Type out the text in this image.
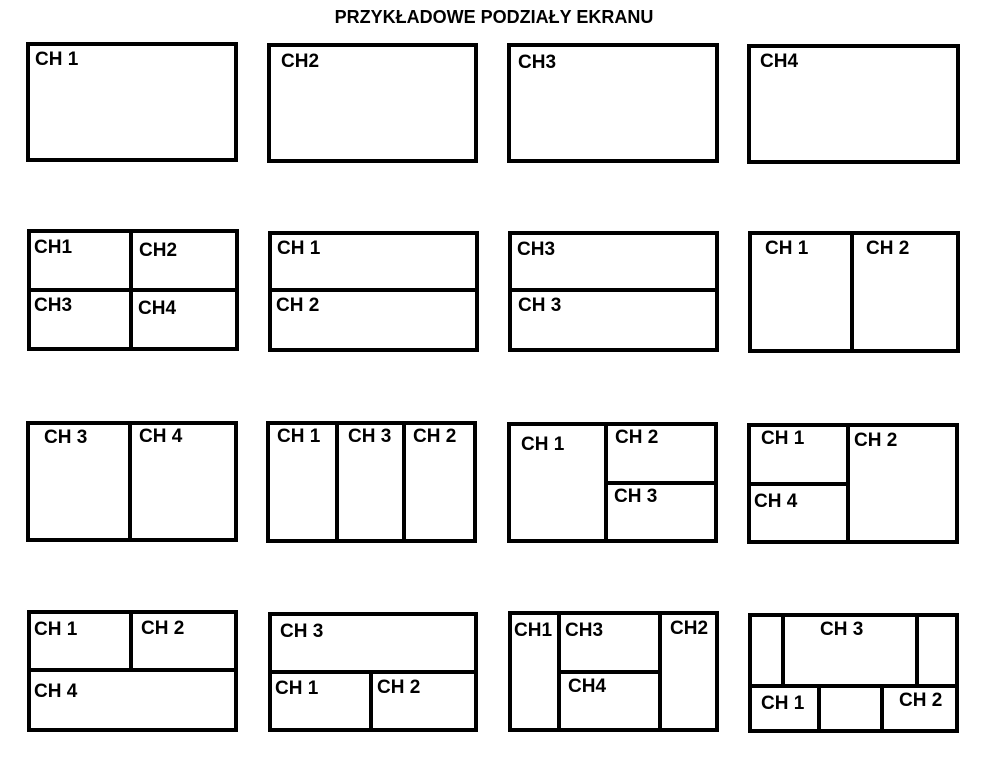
PRZYKŁADOWE PODZIAŁY EKRANU
CH 1	CH2	CH3	CH4
CH1	CH2
CH3	CH4
CH 1
CH 2
CH3
CH 3
CH 1	CH 2
CH 3	CH 4	CH 1 CH 3 CH 2	CH 1	CH 2
CH 3
CH 1	CH 2
CH 4
CH 1	CH 2
CH 4
CH 3
CH 1	CH 2
CH1 CH3	CH2
CH4
CH 3
CH 1	CH 2
